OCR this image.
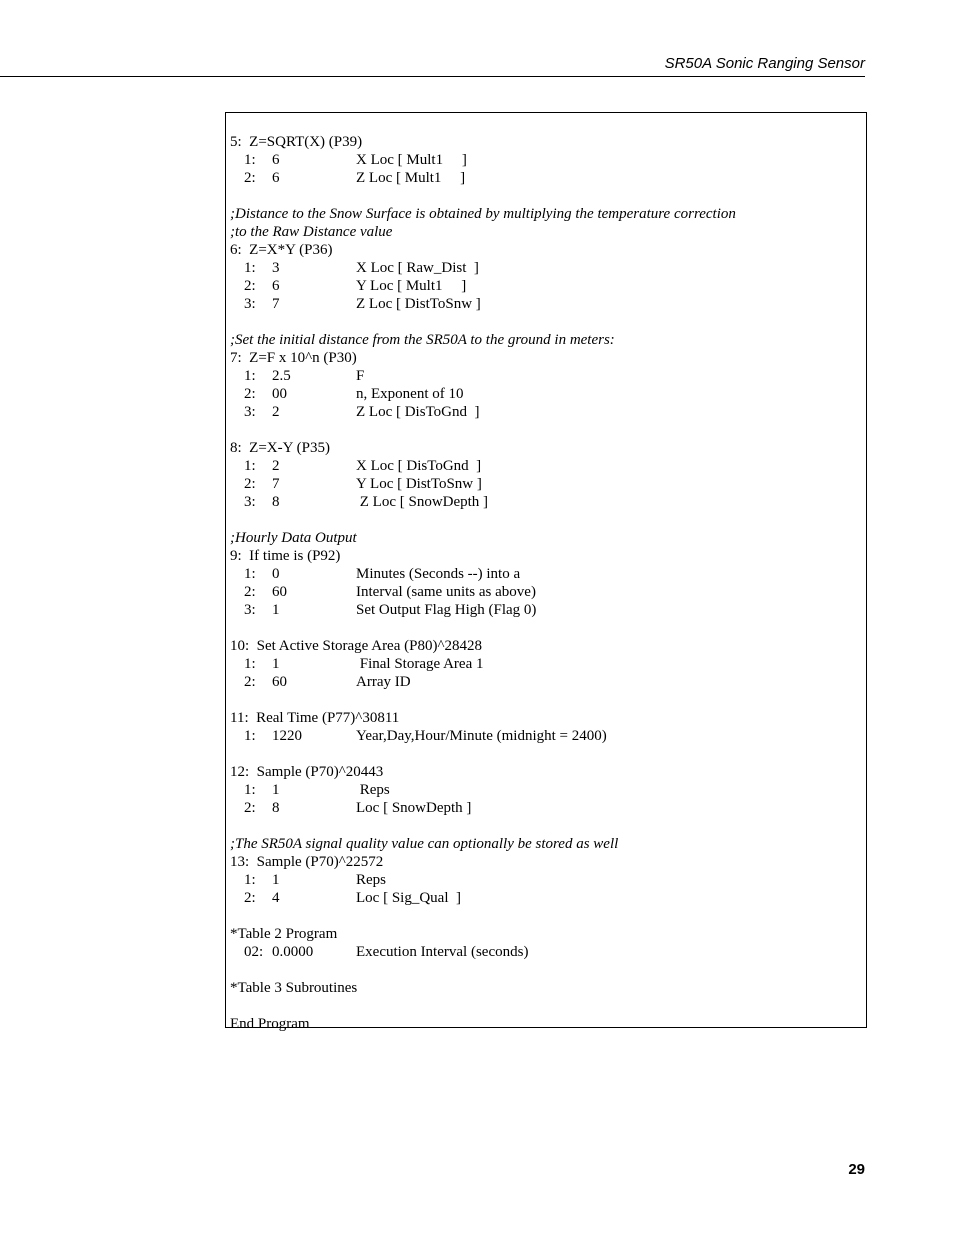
SR50A Sonic Ranging Sensor
5:  Z=SQRT(X) (P39)
1: 6	X Loc [ Mult1     ]
2: 6	Z Loc [ Mult1     ]
;Distance to the Snow Surface is obtained by multiplying the temperature correction
;to the Raw Distance value
6:  Z=X*Y (P36)
1: 3	X Loc [ Raw_Dist  ]
2: 6	Y Loc [ Mult1     ]
3: 7	Z Loc [ DistToSnw ]
;Set the initial distance from the SR50A to the ground in meters:
7:  Z=F x 10^n (P30)
1: 2.5	F
2: 00	n, Exponent of 10
3: 2	Z Loc [ DisToGnd  ]
8:  Z=X-Y (P35)
1: 2	X Loc [ DisToGnd  ]
2: 7	Y Loc [ DistToSnw ]
3: 8	Z Loc [ SnowDepth ]
;Hourly Data Output
9:  If time is (P92)
1: 0	Minutes (Seconds --) into a
2: 60	Interval (same units as above)
3: 1	Set Output Flag High (Flag 0)
10:  Set Active Storage Area (P80)^28428
1: 1	Final Storage Area 1
2: 60	Array ID
11:  Real Time (P77)^30811
1: 1220	Year,Day,Hour/Minute (midnight = 2400)
12:  Sample (P70)^20443
1: 1	Reps
2: 8	Loc [ SnowDepth ]
;The SR50A signal quality value can optionally be stored as well
13:  Sample (P70)^22572
1: 1	Reps
2: 4	Loc [ Sig_Qual  ]
*Table 2 Program
02: 0.0000	Execution Interval (seconds)
*Table 3 Subroutines
End Program
29
